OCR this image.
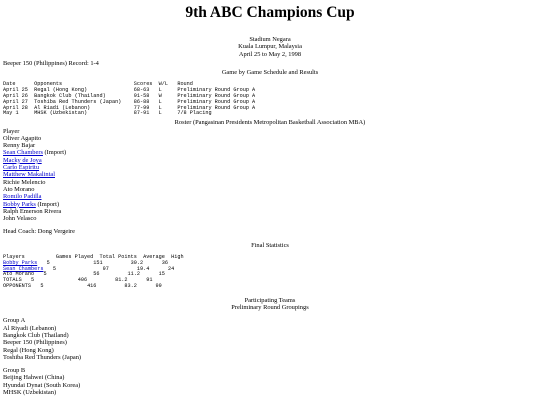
9th ABC Champions Cup
Stadium Negara
Kuala Lumpur, Malaysia
April 25 to May 2, 1998
Beeper 150 (Philippines) Record: 1-4
Game by Game Schedule and Results
Date      Opponents                       Scores  W/L   Round
April 25  Regal (Hong Kong)               68-63   L     Preliminary Round Group A
April 26  Bangkok Club (Thailand)         91-58   W     Preliminary Round Group A
April 27  Toshiba Red Thunders (Japan)    86-88   L     Preliminary Round Group A
April 28  Al Riadi (Lebanon)              77-99   L     Preliminary Round Group A
May 1     MHSK (Uzbekistan)               87-91   L     7/8 Placing
Roster (Pangasinan Presidents Metropolitan Basketball Association MBA)
Player
Oliver Agapito
Renny Bajar
Sean Chambers (Import)
Macky de Joya
Carlo Espiritu
Matthew Makalintal
Richie Melencio
Ato Morano
Romilo Padilla
Bobby Parks (Import)
Ralph Emerson Rivera
John Velasco
Head Coach: Dong Vergeire
Final Statistics
Players          Games Played  Total Points  Average  High
Bobby Parks   5              151         30.2      36
Sean Chambers   5               97         19.4      24
Ato Morano   5               56         11.2      15
TOTALS   5              406         81.2      91
OPPONENTS   5              416         83.2      99
Participating Teams
Preliminary Round Groupings
Group A
Al Riyadi (Lebanon)
Bangkok Club (Thailand)
Beeper 150 (Philippines)
Regal (Hong Kong)
Toshiba Red Thunders (Japan)
Group B
Beijing Hahwei (China)
Hyundai Dynat (South Korea)
MHSK (Uzbekistan)
